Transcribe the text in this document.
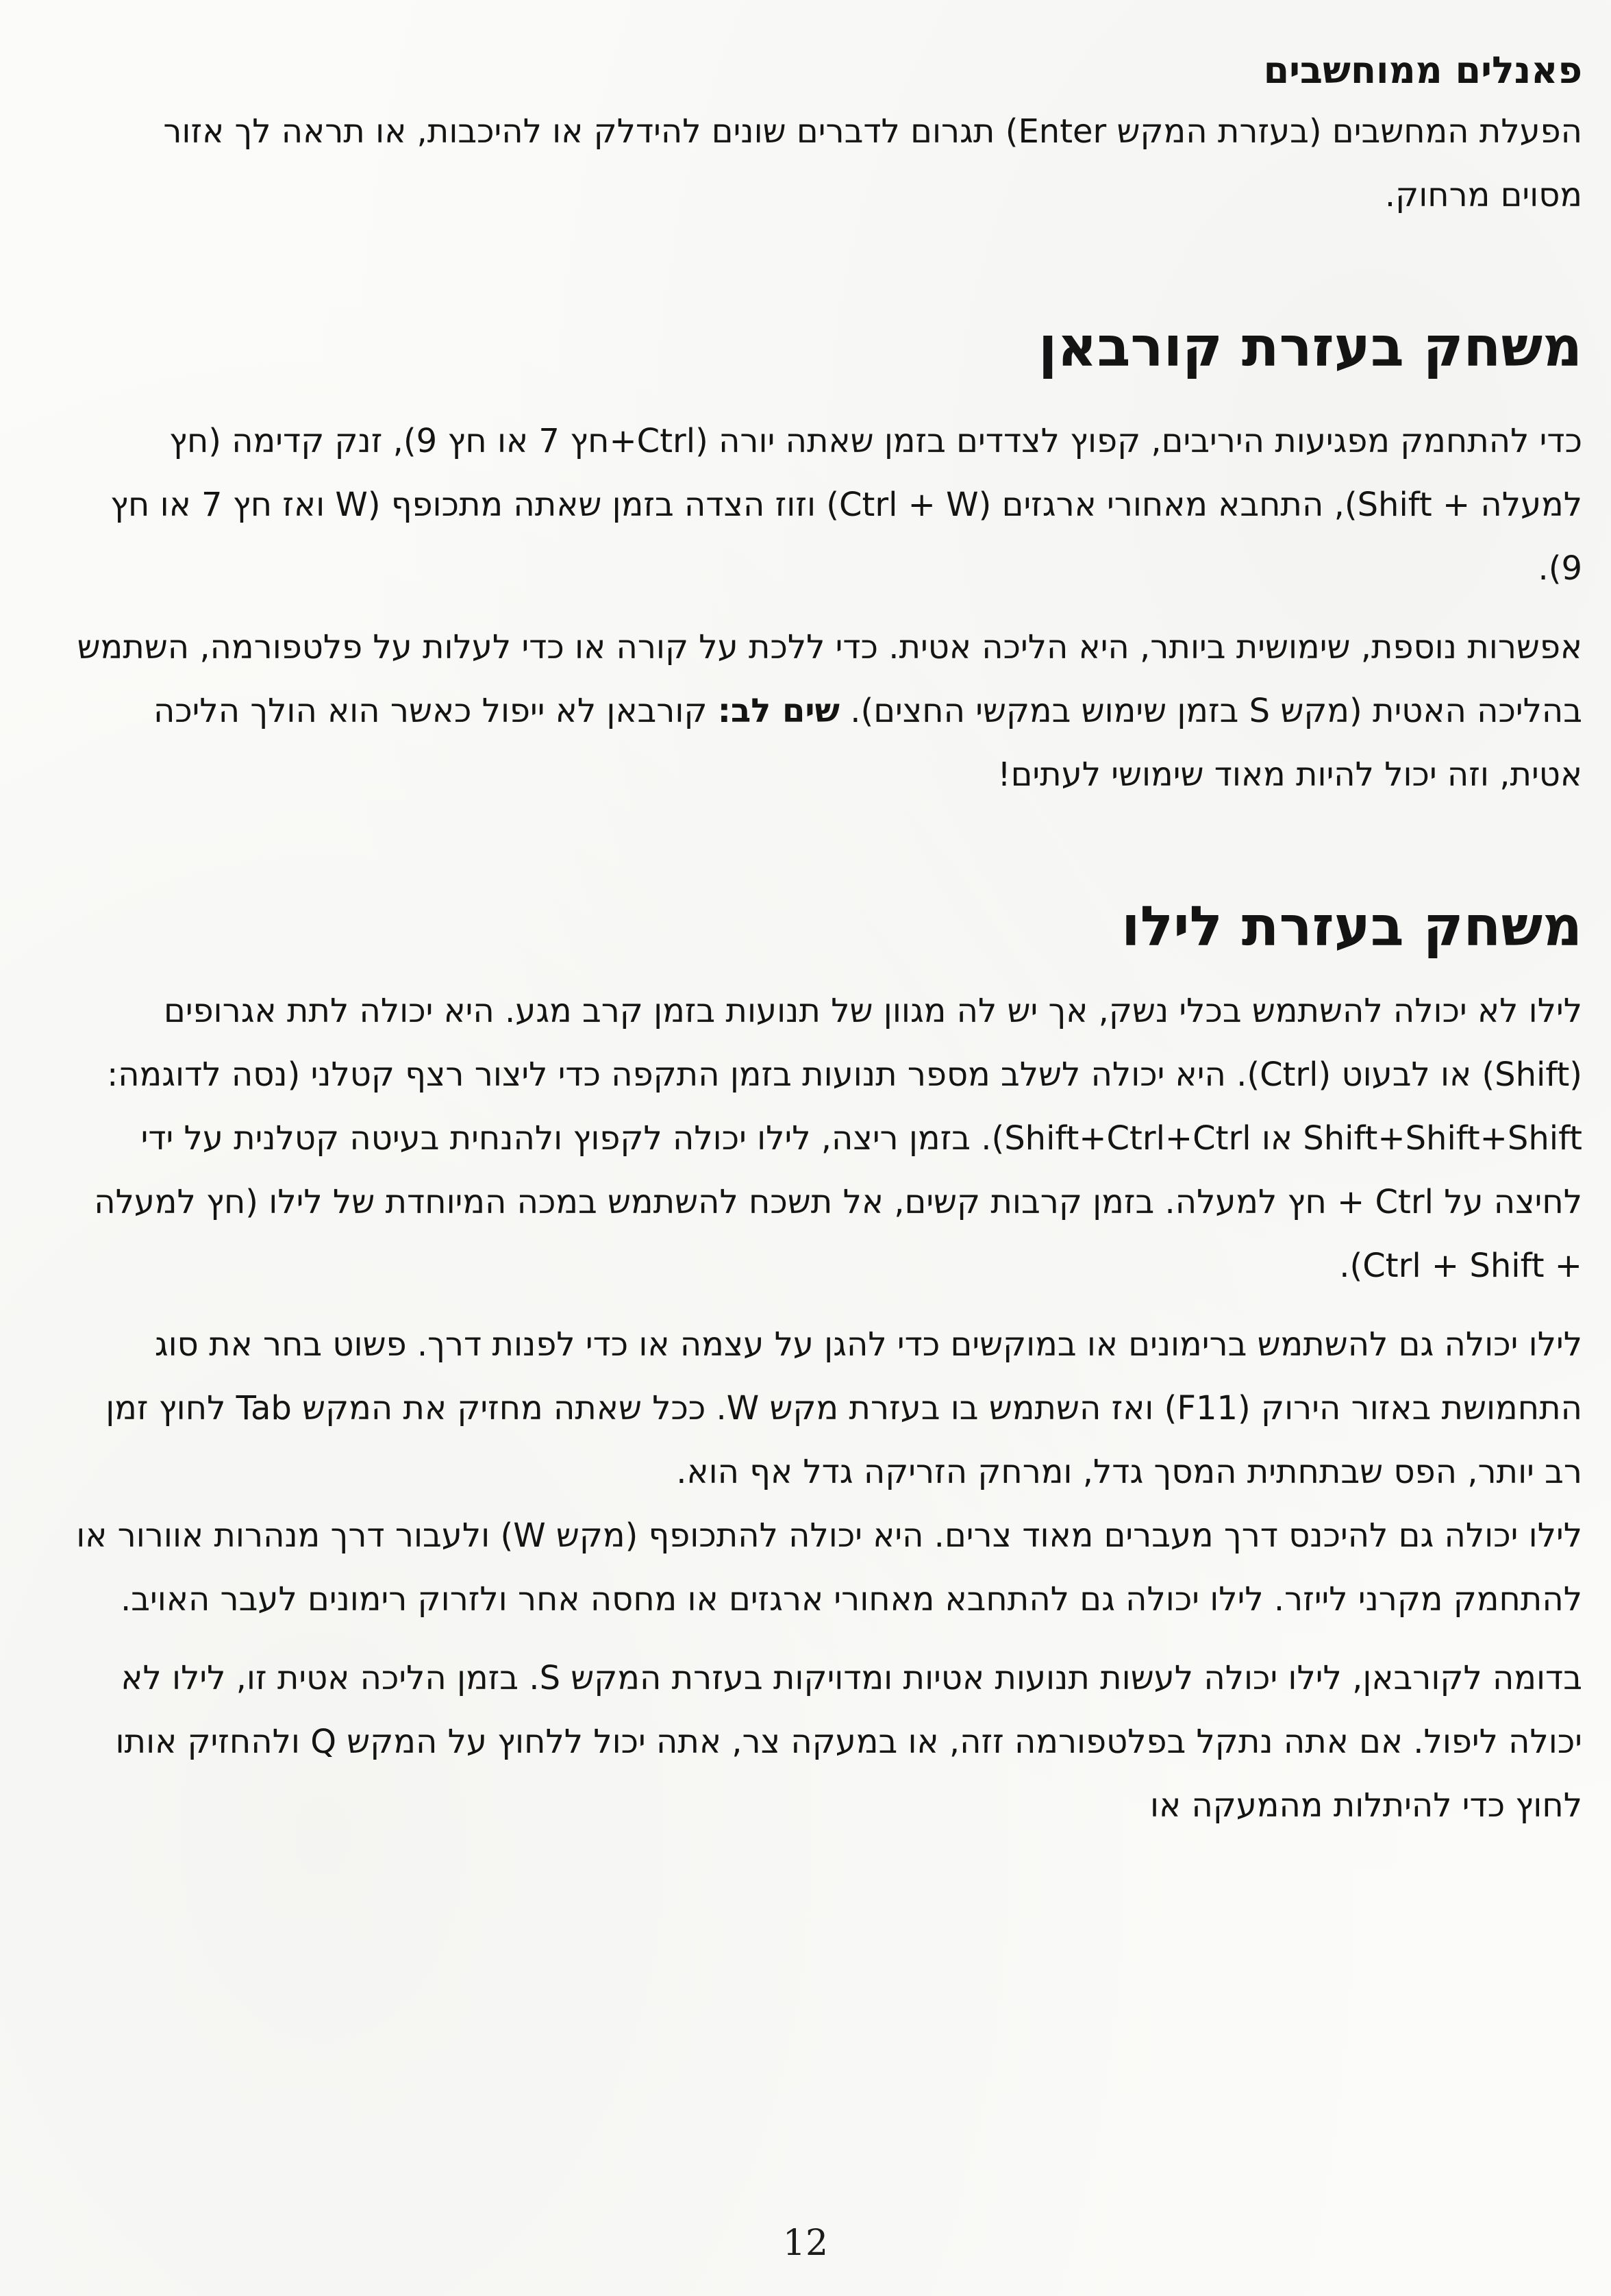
פאנלים ממוחשבים

הפעלת המחשבים (בעזרת המקש Enter) תגרום לדברים שונים להידלק או להיכבות, או תראה לך אזור מסוים מרחוק.

משחק בעזרת קורבאן

כדי להתחמק מפגיעות היריבים, קפוץ לצדדים בזמן שאתה יורה (Ctrl+חץ 7 או חץ 9), זנק קדימה (חץ למעלה + Shift), התחבא מאחורי ארגזים (Ctrl + W) וזוז הצדה בזמן שאתה מתכופף (W ואז חץ 7 או חץ 9).

אפשרות נוספת, שימושית ביותר, היא הליכה אטית. כדי ללכת על קורה או כדי לעלות על פלטפורמה, השתמש בהליכה האטית (מקש S בזמן שימוש במקשי החצים). שים לב: קורבאן לא ייפול כאשר הוא הולך הליכה אטית, וזה יכול להיות מאוד שימושי לעתים!

משחק בעזרת לילו

לילו לא יכולה להשתמש בכלי נשק, אך יש לה מגוון של תנועות בזמן קרב מגע. היא יכולה לתת אגרופים (Shift) או לבעוט (Ctrl). היא יכולה לשלב מספר תנועות בזמן התקפה כדי ליצור רצף קטלני (נסה לדוגמה: Shift+Shift+Shift או Shift+Ctrl+Ctrl). בזמן ריצה, לילו יכולה לקפוץ ולהנחית בעיטה קטלנית על ידי לחיצה על Ctrl + חץ למעלה. בזמן קרבות קשים, אל תשכח להשתמש במכה המיוחדת של לילו (חץ למעלה + Ctrl + Shift).

לילו יכולה גם להשתמש ברימונים או במוקשים כדי להגן על עצמה או כדי לפנות דרך. פשוט בחר את סוג התחמושת באזור הירוק (F11) ואז השתמש בו בעזרת מקש W. ככל שאתה מחזיק את המקש Tab לחוץ זמן רב יותר, הפס שבתחתית המסך גדל, ומרחק הזריקה גדל אף הוא.

לילו יכולה גם להיכנס דרך מעברים מאוד צרים. היא יכולה להתכופף (מקש W) ולעבור דרך מנהרות אוורור או להתחמק מקרני לייזר. לילו יכולה גם להתחבא מאחורי ארגזים או מחסה אחר ולזרוק רימונים לעבר האויב.

בדומה לקורבאן, לילו יכולה לעשות תנועות אטיות ומדויקות בעזרת המקש S. בזמן הליכה אטית זו, לילו לא יכולה ליפול. אם אתה נתקל בפלטפורמה זזה, או במעקה צר, אתה יכול ללחוץ על המקש Q ולהחזיק אותו לחוץ כדי להיתלות מהמעקה או

12
